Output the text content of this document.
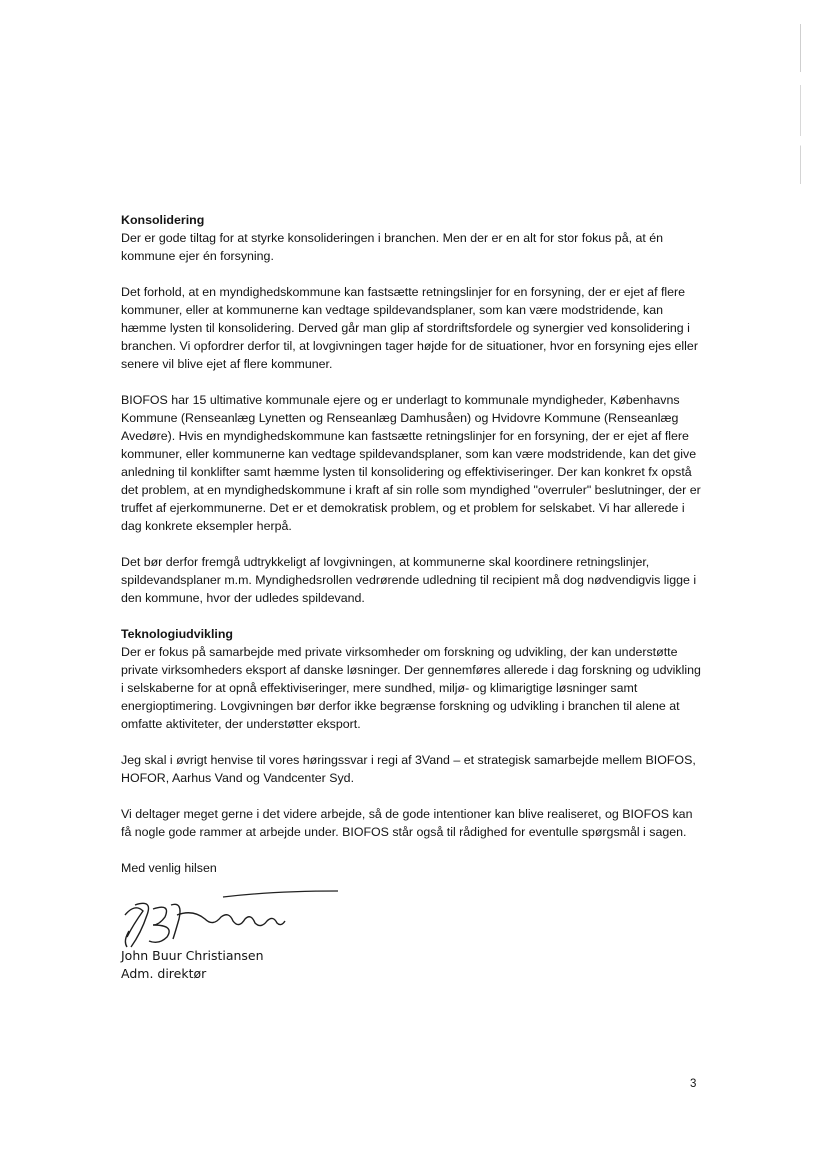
Konsolidering

Der er gode tiltag for at styrke konsolideringen i branchen. Men der er en alt for stor fokus på, at én kommune ejer én forsyning.

Det forhold, at en myndighedskommune kan fastsætte retningslinjer for en forsyning, der er ejet af flere kommuner, eller at kommunerne kan vedtage spildevandsplaner, som kan være modstridende, kan hæmme lysten til konsolidering. Derved går man glip af stordriftsfordele og synergier ved konsolidering i branchen. Vi opfordrer derfor til, at lovgivningen tager højde for de situationer, hvor en forsyning ejes eller senere vil blive ejet af flere kommuner.

BIOFOS har 15 ultimative kommunale ejere og er underlagt to kommunale myndigheder, Københavns Kommune (Renseanlæg Lynetten og Renseanlæg Damhusåen) og Hvidovre Kommune (Renseanlæg Avedøre). Hvis en myndighedskommune kan fastsætte retningslinjer for en forsyning, der er ejet af flere kommuner, eller kommunerne kan vedtage spildevandsplaner, som kan være modstridende, kan det give anledning til konklifter samt hæmme lysten til konsolidering og effektiviseringer. Der kan konkret fx opstå det problem, at en myndighedskommune i kraft af sin rolle som myndighed "overruler" beslutninger, der er truffet af ejerkommunerne. Det er et demokratisk problem, og et problem for selskabet. Vi har allerede i dag konkrete eksempler herpå.

Det bør derfor fremgå udtrykkeligt af lovgivningen, at kommunerne skal koordinere retningslinjer, spildevandsplaner m.m. Myndighedsrollen vedrørende udledning til recipient må dog nødvendigvis ligge i den kommune, hvor der udledes spildevand.

Teknologiudvikling

Der er fokus på samarbejde med private virksomheder om forskning og udvikling, der kan understøtte private virksomheders eksport af danske løsninger. Der gennemføres allerede i dag forskning og udvikling i selskaberne for at opnå effektiviseringer, mere sundhed, miljø- og klimarigtige løsninger samt energioptimering. Lovgivningen bør derfor ikke begrænse forskning og udvikling i branchen til alene at omfatte aktiviteter, der understøtter eksport.

Jeg skal i øvrigt henvise til vores høringssvar i regi af 3Vand – et strategisk samarbejde mellem BIOFOS, HOFOR, Aarhus Vand og Vandcenter Syd.

Vi deltager meget gerne i det videre arbejde, så de gode intentioner kan blive realiseret, og BIOFOS kan få nogle gode rammer at arbejde under. BIOFOS står også til rådighed for eventulle spørgsmål i sagen.

Med venlig hilsen

John Buur Christiansen
Adm. direktør
3
